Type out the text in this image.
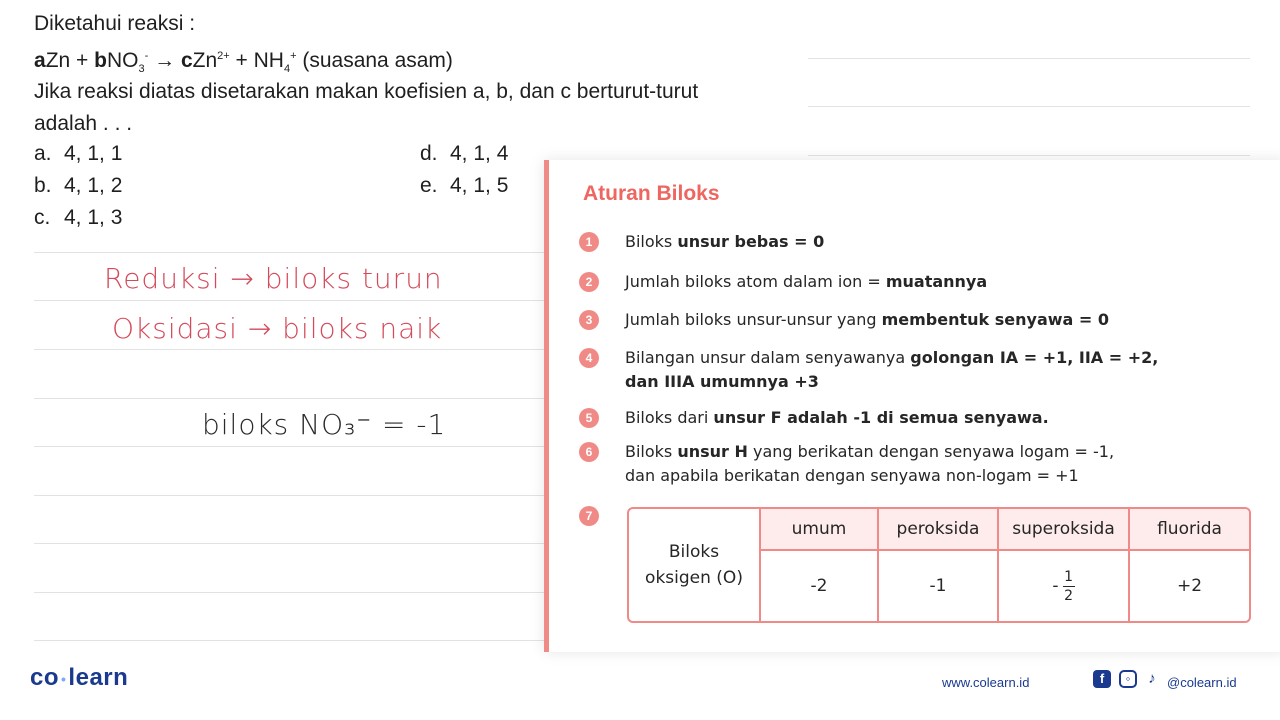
Diketahui reaksi :
aZn + $bNO_3^- \to cZn^{2+} + NH_4^+$ (suasana asam)
Jika reaksi diatas disetarakan makan koefisien a, b, dan c berturut-turut
adalah . . .
a. 4, 1, 1
b. 4, 1, 2
c. 4, 1, 3
d. 4, 1, 4
e. 4, 1, 5
Reduksi → biloks turun
Oksidasi → biloks naik
biloks NO₃⁻ = -1
Aturan Biloks
1	Biloks unsur bebas = 0
2	Jumlah biloks atom dalam ion = muatannya
3	Jumlah biloks unsur-unsur yang membentuk senyawa = 0
4	Bilangan unsur dalam senyawanya golongan IA = +1, IIA = +2,
dan IIIA umumnya +3
5	Biloks dari unsur F adalah -1 di semua senyawa.
6	Biloks unsur H yang berikatan dengan senyawa logam = -1,
dan apabila berikatan dengan senyawa non-logam = +1
7
Biloks
oksigen (O)
umum	peroksida	superoksida	fluorida
-2	-1	- $\frac{1}{2}$	+2
co •learn	www.colearn.id	f	◦	♪ @colearn.id
